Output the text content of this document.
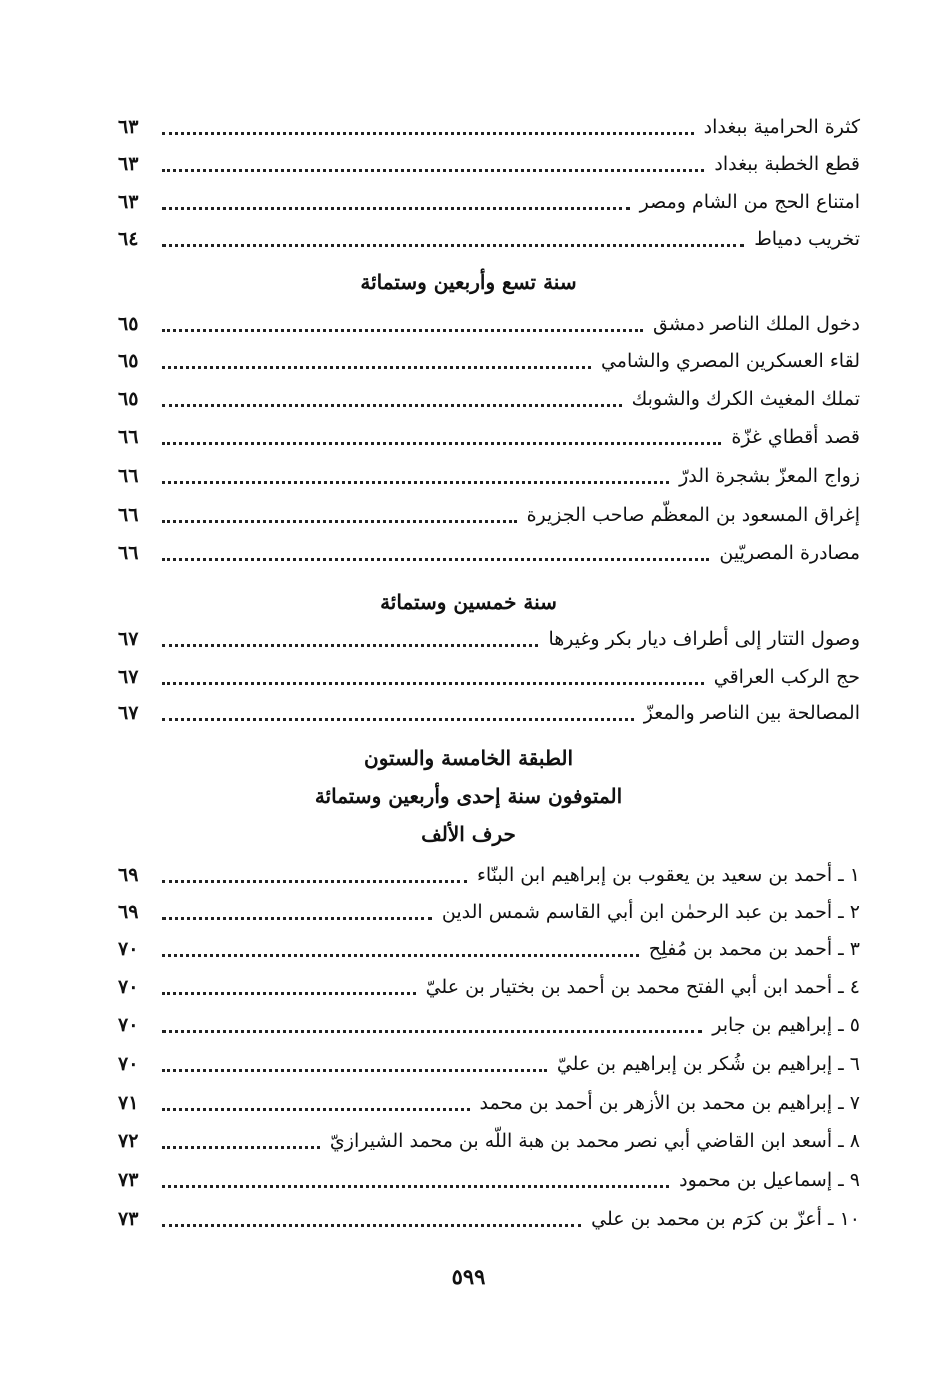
كثرة الحرامية ببغداد
٦٣
قطع الخطبة ببغداد
٦٣
امتناع الحج من الشام ومصر
٦٣
تخريب دمياط
٦٤
سنة تسع وأربعين وستمائة
دخول الملك الناصر دمشق
٦٥
لقاء العسكرين المصري والشامي
٦٥
تملك المغيث الكرك والشوبك
٦٥
قصد أقطاي غزّة
٦٦
زواج المعزّ بشجرة الدرّ
٦٦
إغراق المسعود بن المعظّم صاحب الجزيرة
٦٦
مصادرة المصريّين
٦٦
سنة خمسين وستمائة
وصول التتار إلى أطراف ديار بكر وغيرها
٦٧
حج الركب العراقي
٦٧
المصالحة بين الناصر والمعزّ
٦٧
الطبقة الخامسة والستون
المتوفون سنة إحدى وأربعين وستمائة
حرف الألف
١ ـ أحمد بن سعيد بن يعقوب بن إبراهيم ابن البنّاء
٦٩
٢ ـ أحمد بن عبد الرحمٰن ابن أبي القاسم شمس الدين
٦٩
٣ ـ أحمد بن محمد بن مُفلِح
٧٠
٤ ـ أحمد ابن أبي الفتح محمد بن أحمد بن بختيار بن عليّ
٧٠
٥ ـ إبراهيم بن جابر
٧٠
٦ ـ إبراهيم بن شُكر بن إبراهيم بن عليّ
٧٠
٧ ـ إبراهيم بن محمد بن الأزهر بن أحمد بن محمد
٧١
٨ ـ أسعد ابن القاضي أبي نصر محمد بن هبة اللّه بن محمد الشيرازيّ
٧٢
٩ ـ إسماعيل بن محمود
٧٣
١٠ ـ أعزّ بن كرَم بن محمد بن علي
٧٣
٥٩٩
